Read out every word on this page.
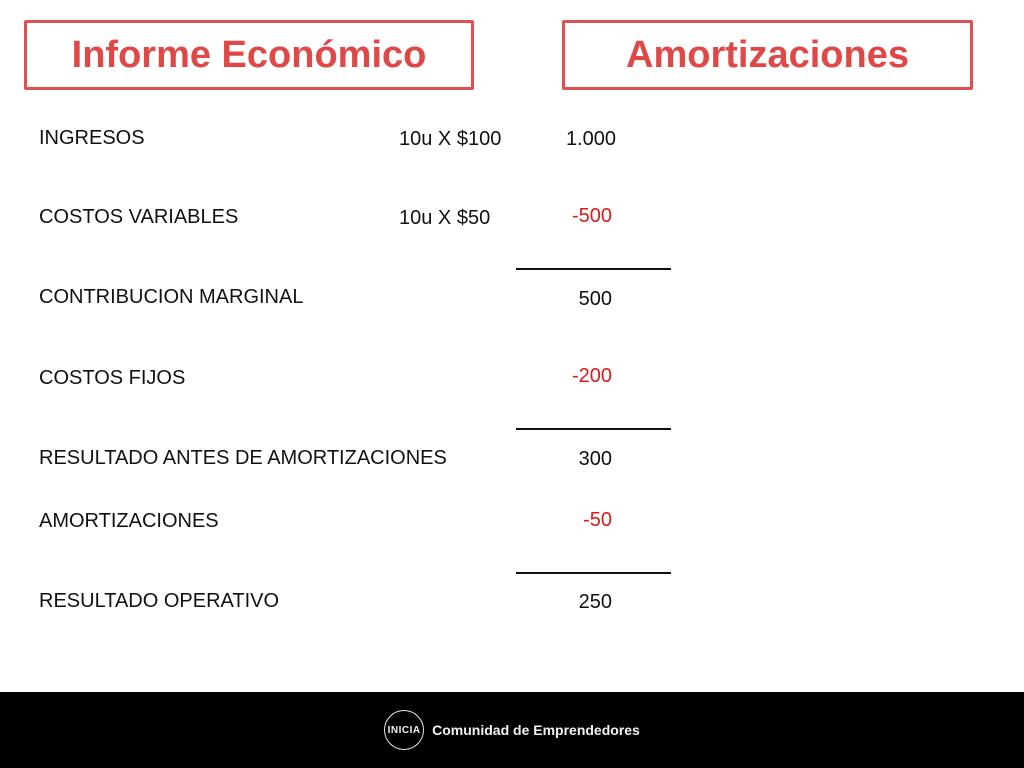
Informe Económico	Amortizaciones
INGRESOS	10u X $100	1.000
COSTOS VARIABLES	10u X $50	-500
CONTRIBUCION MARGINAL	500
COSTOS FIJOS	-200
RESULTADO ANTES DE AMORTIZACIONES	300
AMORTIZACIONES	-50
RESULTADO OPERATIVO	250
INICIA Comunidad de Emprendedores
